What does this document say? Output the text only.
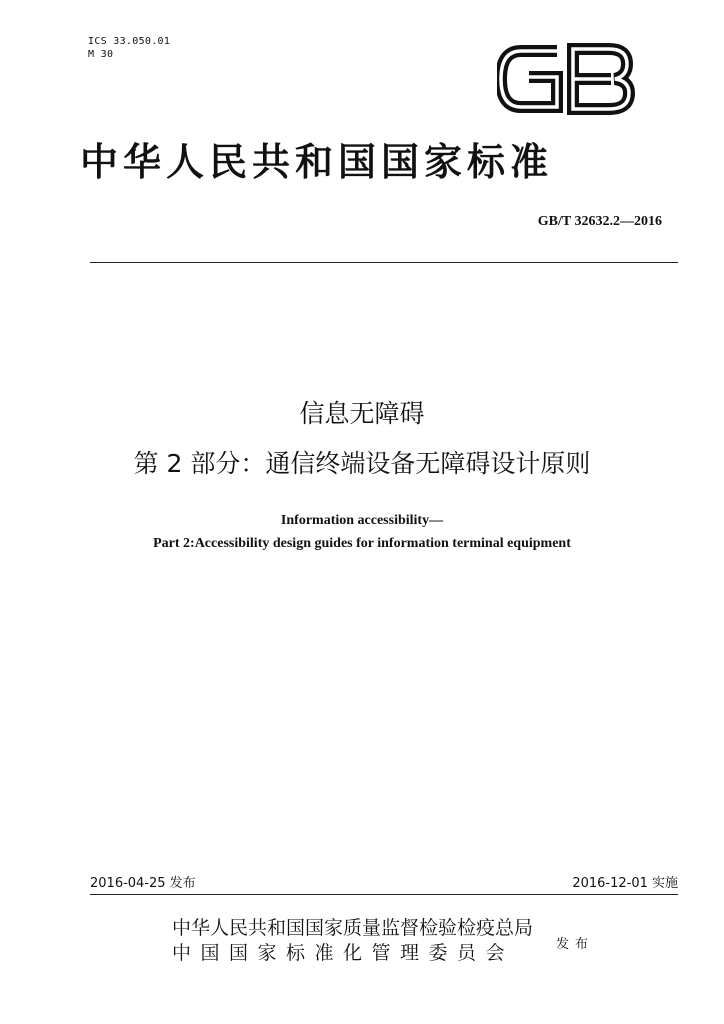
ICS 33.050.01
M 30
中华人民共和国国家标准
GB/T 32632.2—2016
信息无障碍
第 2 部分：通信终端设备无障碍设计原则
Information accessibility—
Part 2:Accessibility design guides for information terminal equipment
2016-04-25 发布	2016-12-01 实施
中华人民共和国国家质量监督检验检疫总局
中国国家标准化管理委员会	发布
